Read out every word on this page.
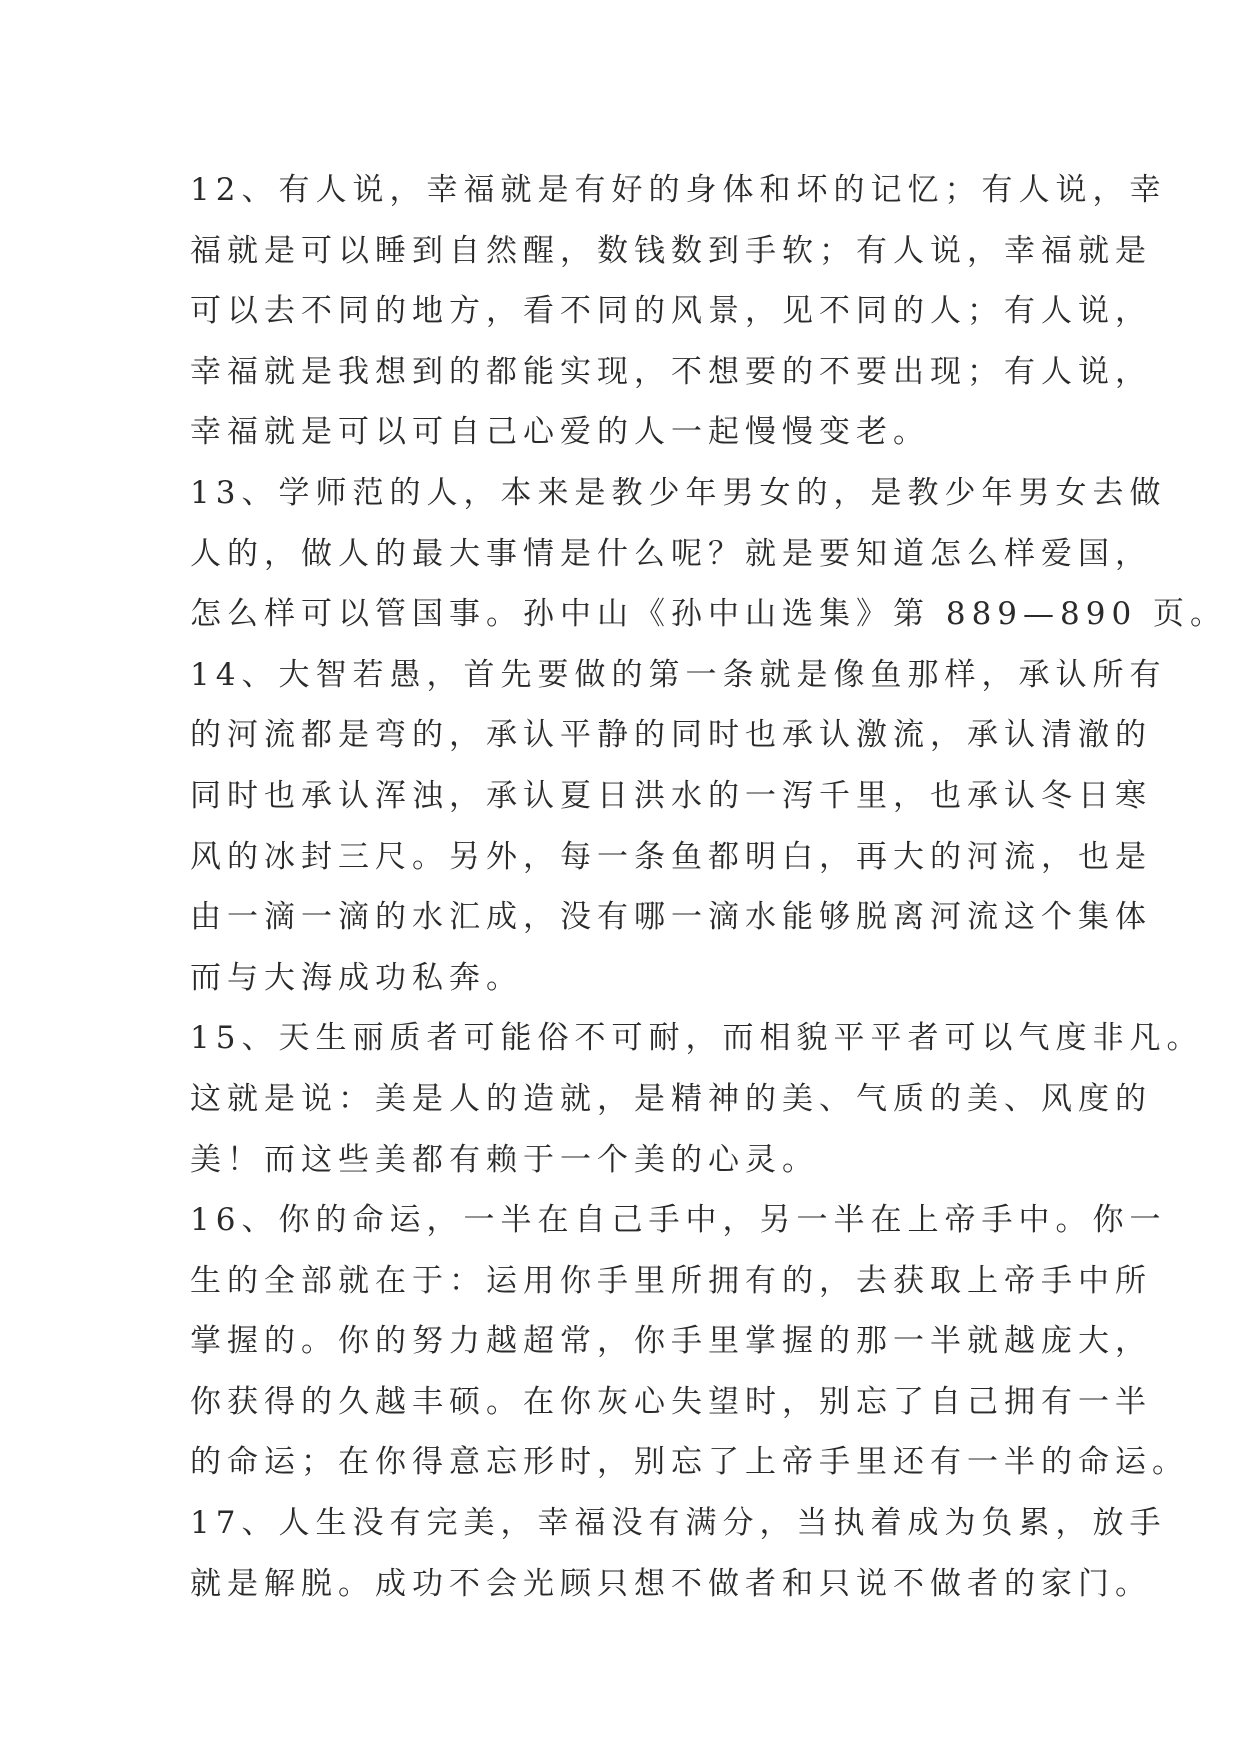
12、有人说，幸福就是有好的身体和坏的记忆；有人说，幸
福就是可以睡到自然醒，数钱数到手软；有人说，幸福就是
可以去不同的地方，看不同的风景，见不同的人；有人说，
幸福就是我想到的都能实现，不想要的不要出现；有人说，
幸福就是可以可自己心爱的人一起慢慢变老。
13、学师范的人，本来是教少年男女的，是教少年男女去做
人的，做人的最大事情是什么呢？就是要知道怎么样爱国，
怎么样可以管国事。孙中山《孙中山选集》第 889—890 页。
14、大智若愚，首先要做的第一条就是像鱼那样，承认所有
的河流都是弯的，承认平静的同时也承认激流，承认清澈的
同时也承认浑浊，承认夏日洪水的一泻千里，也承认冬日寒
风的冰封三尺。另外，每一条鱼都明白，再大的河流，也是
由一滴一滴的水汇成，没有哪一滴水能够脱离河流这个集体
而与大海成功私奔。
15、天生丽质者可能俗不可耐，而相貌平平者可以气度非凡。
这就是说：美是人的造就，是精神的美、气质的美、风度的
美！而这些美都有赖于一个美的心灵。
16、你的命运，一半在自己手中，另一半在上帝手中。你一
生的全部就在于：运用你手里所拥有的，去获取上帝手中所
掌握的。你的努力越超常，你手里掌握的那一半就越庞大，
你获得的久越丰硕。在你灰心失望时，别忘了自己拥有一半
的命运；在你得意忘形时，别忘了上帝手里还有一半的命运。
17、人生没有完美，幸福没有满分，当执着成为负累，放手
就是解脱。成功不会光顾只想不做者和只说不做者的家门。
